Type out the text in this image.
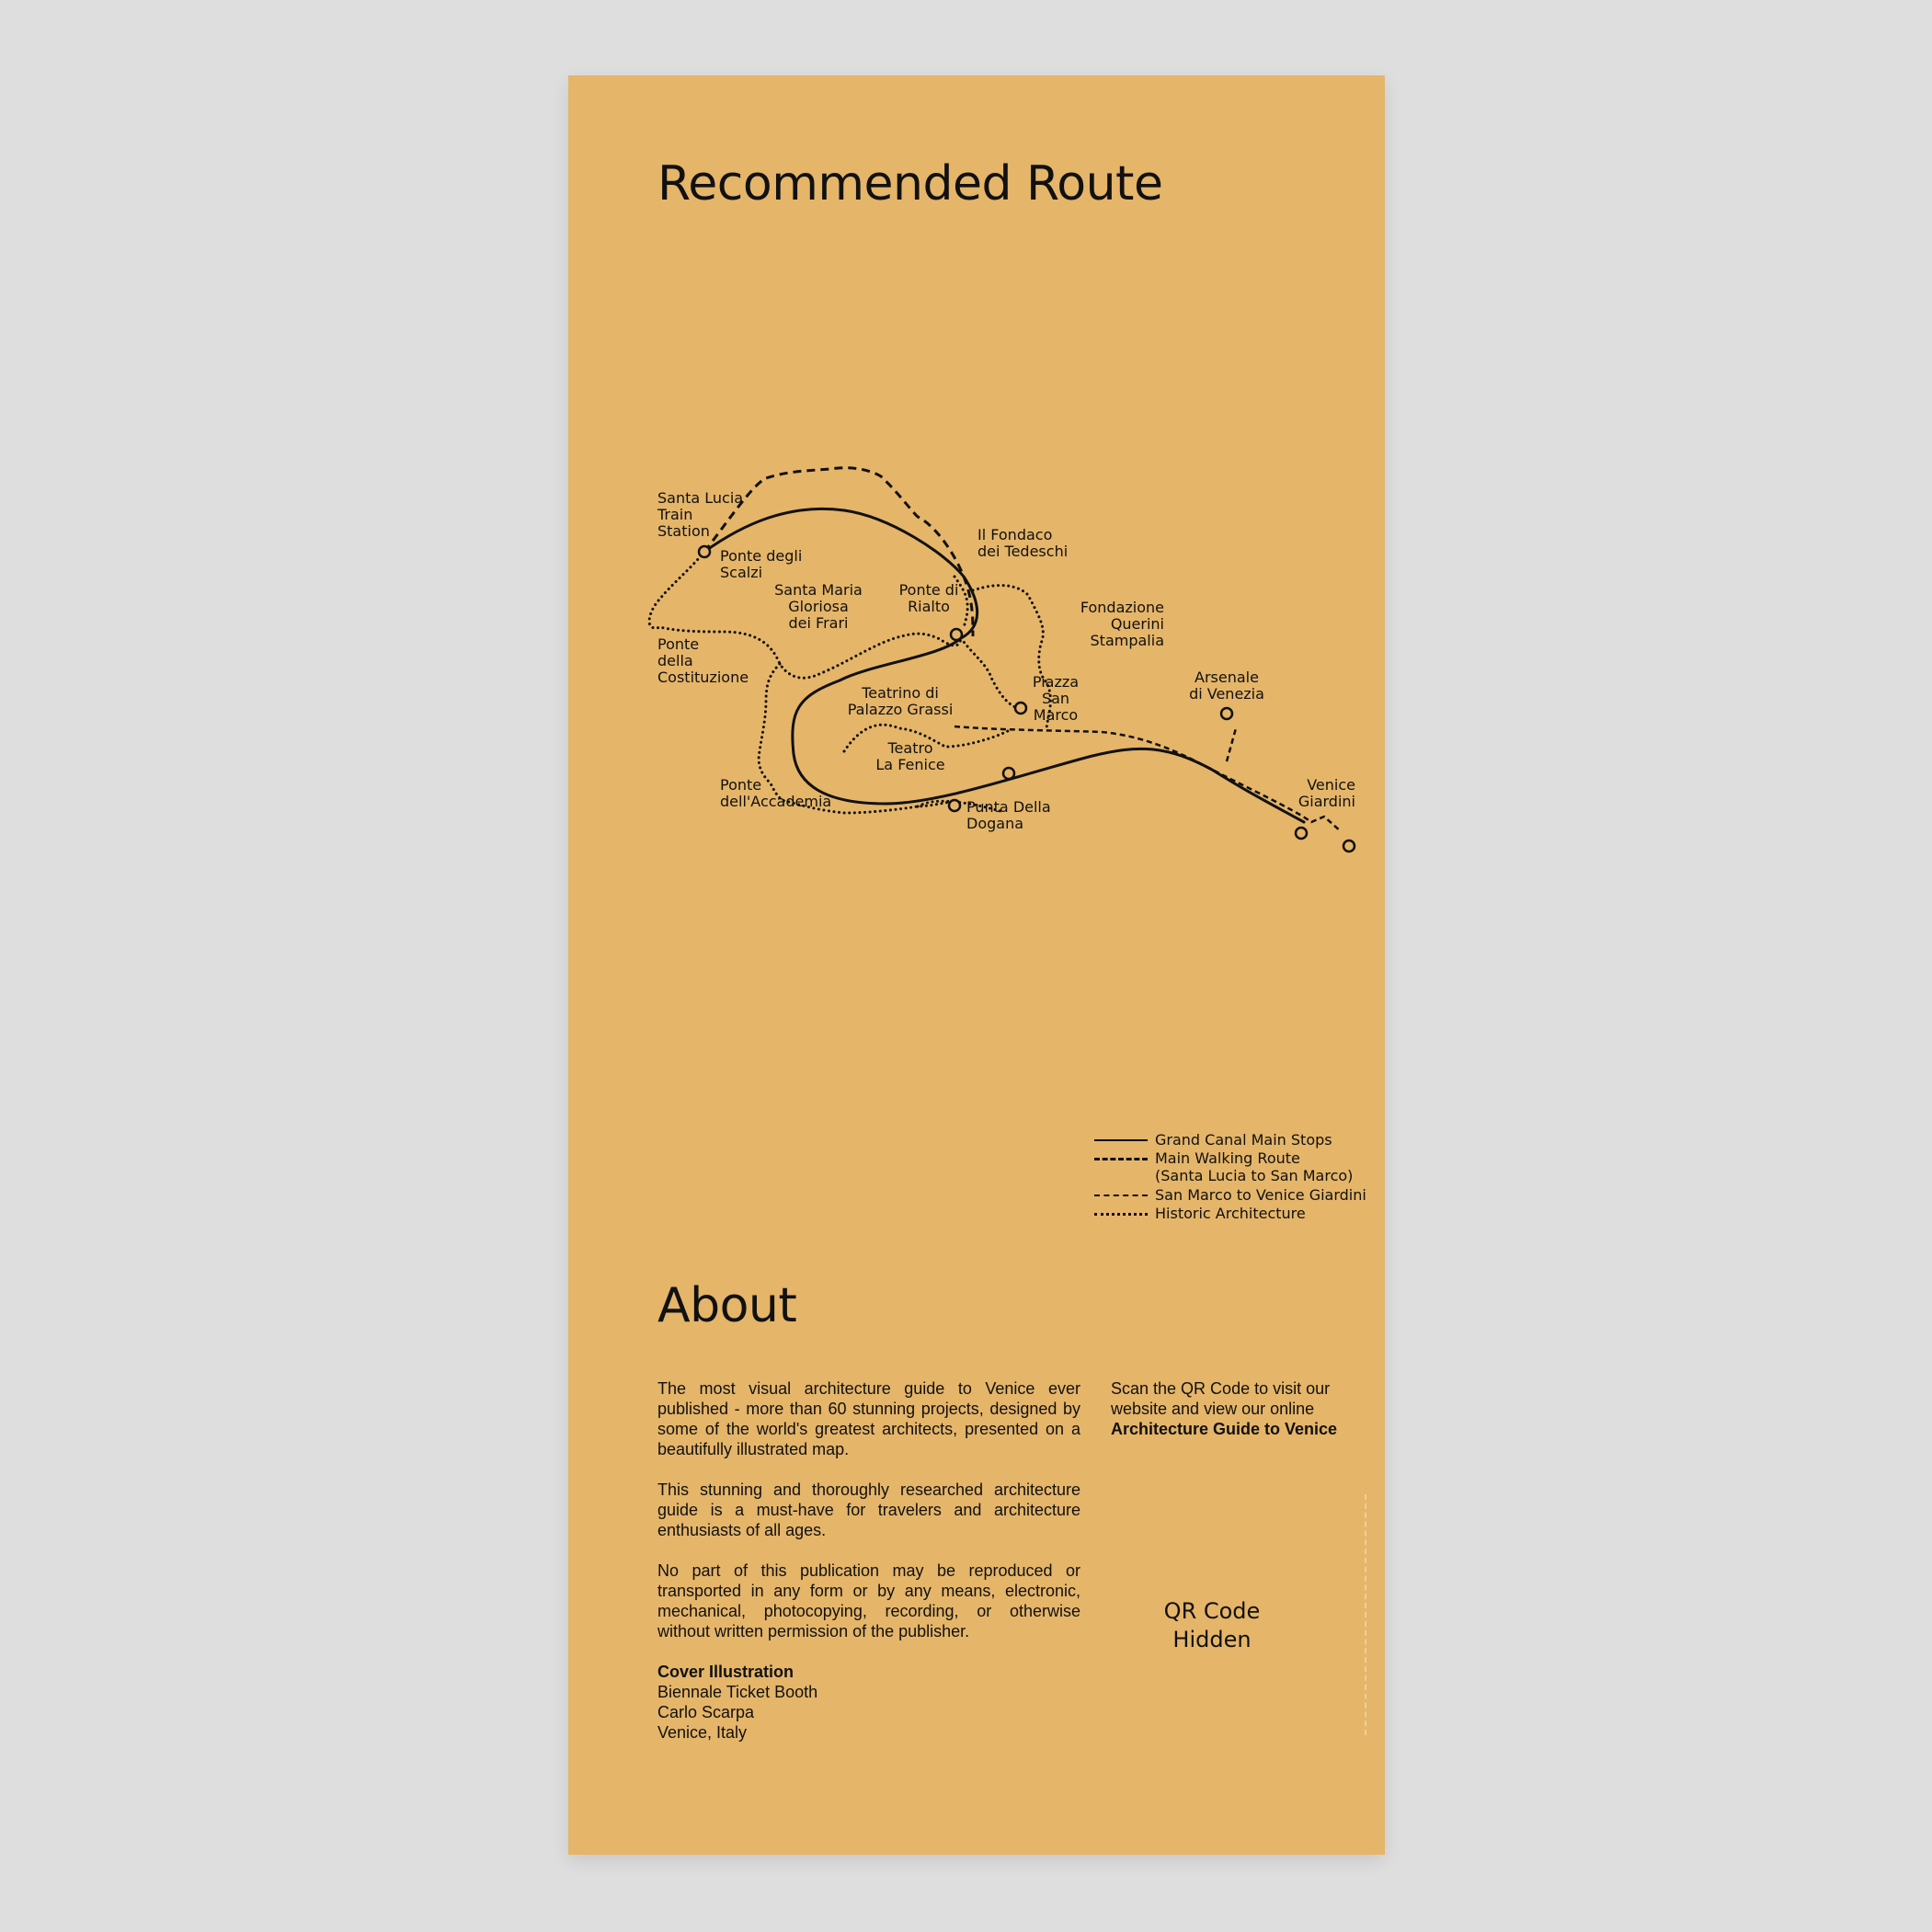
Recommended Route
Santa Lucia Train Station
Ponte degli Scalzi
Il Fondaco dei Tedeschi
Santa Maria Gloriosa dei Frari
Ponte di Rialto	Fondazione Querini Stampalia
Ponte della Costituzione	Piazza San Marco
Arsenale di Venezia
Teatrino di Palazzo Grassi
Teatro La Fenice
Ponte dell'Accademia	Punta Della Dogana
Venice Giardini
Grand Canal Main Stops
Main Walking Route
(Santa Lucia to San Marco)
San Marco to Venice Giardini
Historic Architecture
About

The most visual architecture guide to Venice ever published - more than 60 stunning projects, designed by some of the world's greatest architects, presented on a beautifully illustrated map.

This stunning and thoroughly researched architecture guide is a must-have for travelers and architecture enthusiasts of all ages.

No part of this publication may be reproduced or transported in any form or by any means, electronic, mechanical, photocopying, recording, or otherwise without written permission of the publisher.

Cover Illustration
Biennale Ticket Booth
Carlo Scarpa
Venice, Italy
Scan the QR Code to visit our
website and view our online
Architecture Guide to Venice
QR Code
Hidden
